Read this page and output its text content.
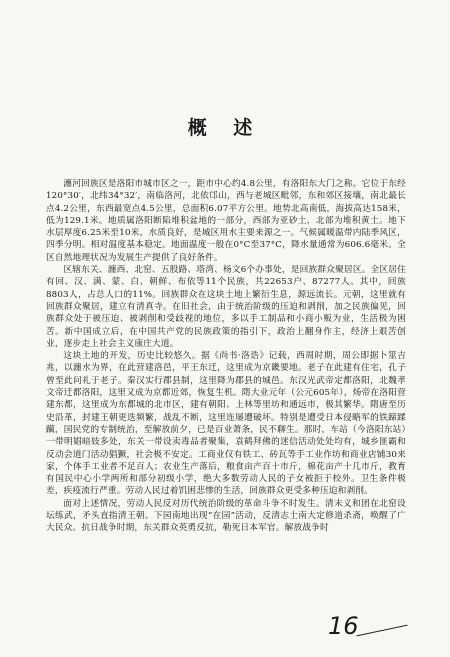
概 述

瀍河回族区是洛阳市城市区之一，距市中心约4.8公里，有洛阳东大门之称。它位于东经120°30′，北纬34°32′，南临洛河，北依邙山，西与老城区毗邻，东和郊区接壤，南北最长点4.2公里，东西最宽点4.5公里，总面积6.07平方公里。地势北高南低，海拔高达158米，低为129.1米。地质属洛阳断陷堆积盆地的一部分，西部为亚砂土，北部为堆积黄土。地下水层厚度6.25米至10米，水质良好，是城区用水主要来源之一。气候属暖温带内陆季风区，四季分明。相对温度基本稳定。地面温度一般在0°C至37°C，降水量通常为606.6毫米。全区自然地理状况为发展生产提供了良好条件。

区辖东关、瀍西、北窑、五股路、塔湾、杨文6个办事处，是回族群众聚居区。全区居住有回、汉、满、蒙、白、朝鲜、布依等11个民族，共22653户、87277人。其中，回族8803人，占总人口的11%。回族群众在这块土地上繁衍生息，源远流长。元朝，这里就有回族群众聚居，建立有清真寺。在旧社会，由于统治阶级的压迫和剥削，加之民族偏见，回族群众处于被压迫、被剥削和受歧视的地位，多以手工制品和小商小贩为业，生活极为困苦。新中国成立后，在中国共产党的民族政策的指引下，政治上翻身作主，经济上艰苦创业，逐步走上社会主义康庄大道。

这块土地的开发，历史比较悠久。据《尚书·洛诰》记载，西周时期，周公即据卜筮吉兆，以瀍水为界，在此营建洛邑，平王东迁，这里成为京畿要地。老子在此建有住宅，孔子曾至此问礼于老子。秦汉实行郡县制，这里降为郡县的城邑。东汉光武帝定都洛阳，北魏孝文帝迁都洛阳，这里又成为京都近郊，恢复生机。隋大业元年（公元605年），炀帝在洛阳营建东都，这里成为东都城的北市区，建有朝阳、上林等里坊和通远市，极其繁华。隋唐至历史沿革，封建王朝更迭频繁，战乱不断，这里连屡遭破坏。特别是遭受日本侵略军的铁蹄蹂躏，国民党的专制统治，至解放前夕，已是百业萧条，民不聊生。那时，车站（今洛阳东站）一带明娼暗妓多处，东关一带设卖毒品者聚集，袁鹤拜佛的迷信活动处处均有，城乡匪霸和反动会道门活动猖獗，社会极不安定。工商业仅有铁工、砖瓦等手工业作坊和商业店铺30来家，个体手工业者不足百人；农业生产落后，粮食亩产百十市斤，棉花亩产十几市斤，教育有国民中心小学两所和部分初级小学，绝大多数劳动人民的子女被拒于校外。卫生条件极差，疾疫流行严重。劳动人民过着饥困悲惨的生活，回族群众更受多种压迫和剥削。

面对上述情况，劳动人民反对历代统治阶级的革命斗争不时发生。清末义和团在北窑设坛练武，矛头直指清王朝。下园南地出现“在园”活动，反清志士南大定修道杀斋，唤醒了广大民众。抗日战争时期，东关群众英勇反抗，勒死日本军官。解放战争时

16
